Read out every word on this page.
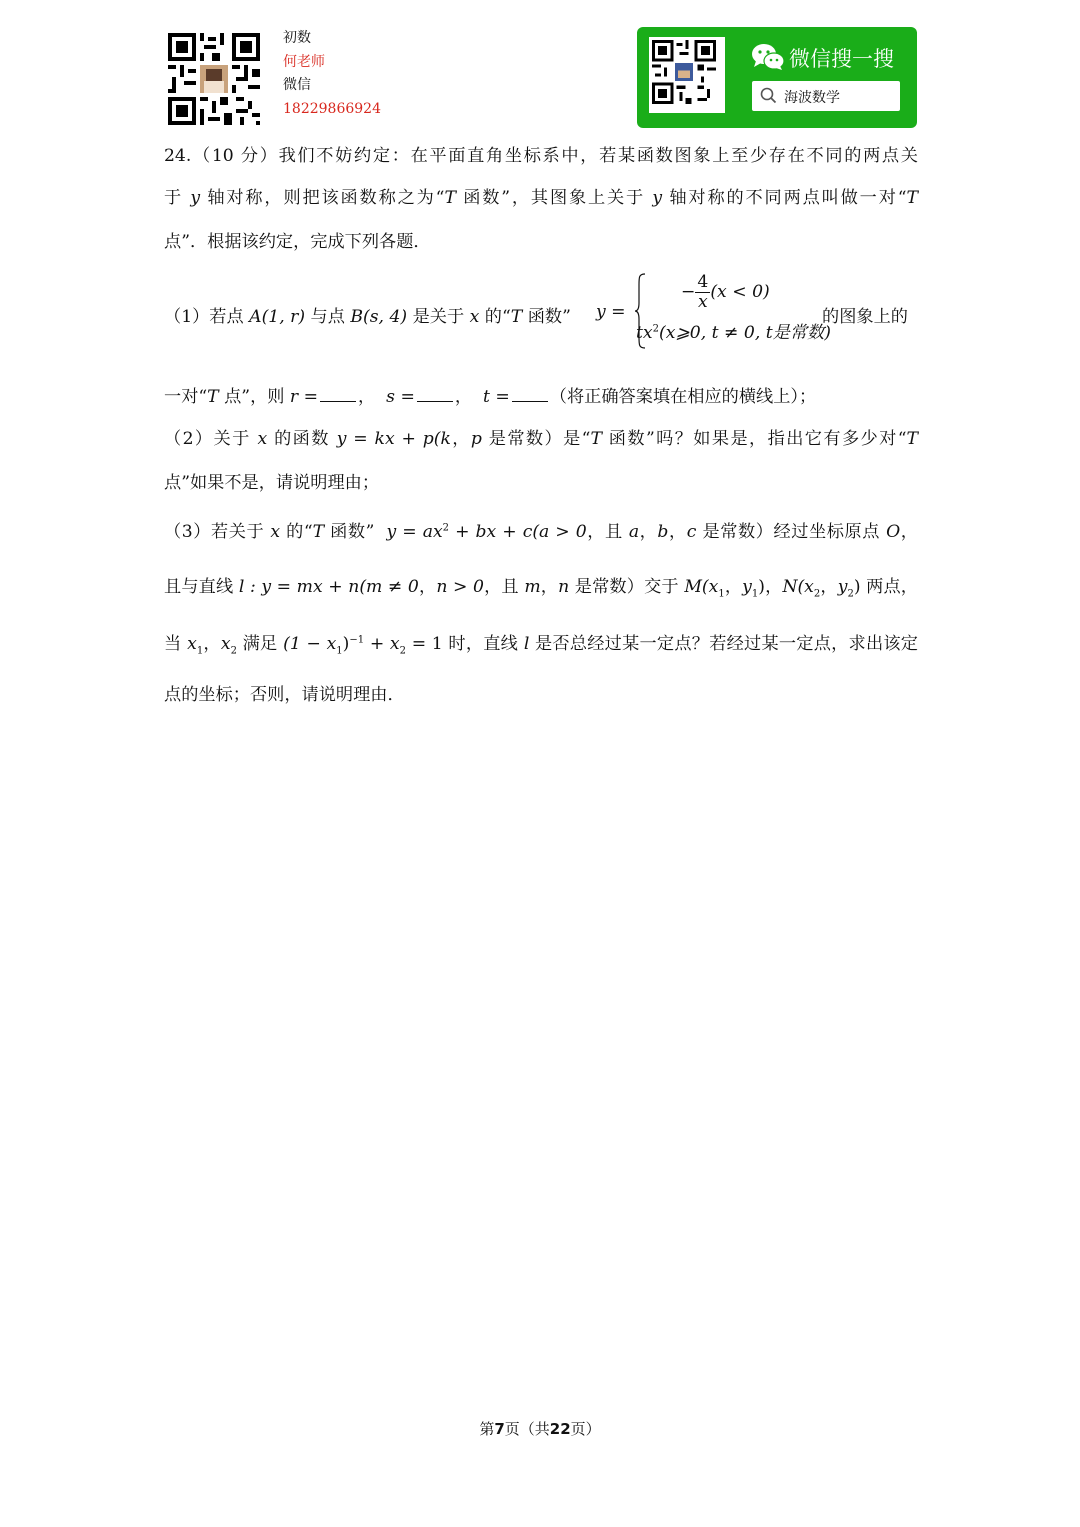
初数
何老师
微信
18229866924
微信搜一搜
海波数学
24.（10 分）我们不妨约定：在平面直角坐标系中，若某函数图象上至少存在不同的两点关
于 y 轴对称，则把该函数称之为“T 函数”，其图象上关于 y 轴对称的不同两点叫做一对“T
点”．根据该约定，完成下列各题．
（1）若点 A(1, r) 与点 B(s, 4) 是关于 x 的“T 函数” y =
− $\frac{4}{x}(x < 0)$
$tx^2(x⩾0$, t ≠ 0, t是常数)
的图象上的
一对“T 点”，则 r = ， s = ， t = （将正确答案填在相应的横线上）；
（2）关于 x 的函数 y = kx + p(k，p 是常数）是“T 函数”吗？如果是，指出它有多少对“T
点”如果不是，请说明理由；
（3）若关于 x 的“T 函数” $y = ax^2$ + bx + c(a > 0，且 a，b，c 是常数）经过坐标原点 O，
且与直线 l : y = mx + n(m ≠ 0，n > 0，且 m，n 是常数）交于 $M(x_1$，$y_1$)，$N(x_2$，$y_2$) 两点，
当 $x_1$，$x_2$ 满足 $(1 - x_1)^{-1} + x_2 = 1$ 时，直线 l 是否总经过某一定点？若经过某一定点，求出该定
点的坐标；否则，请说明理由．
第7页（共22页）
